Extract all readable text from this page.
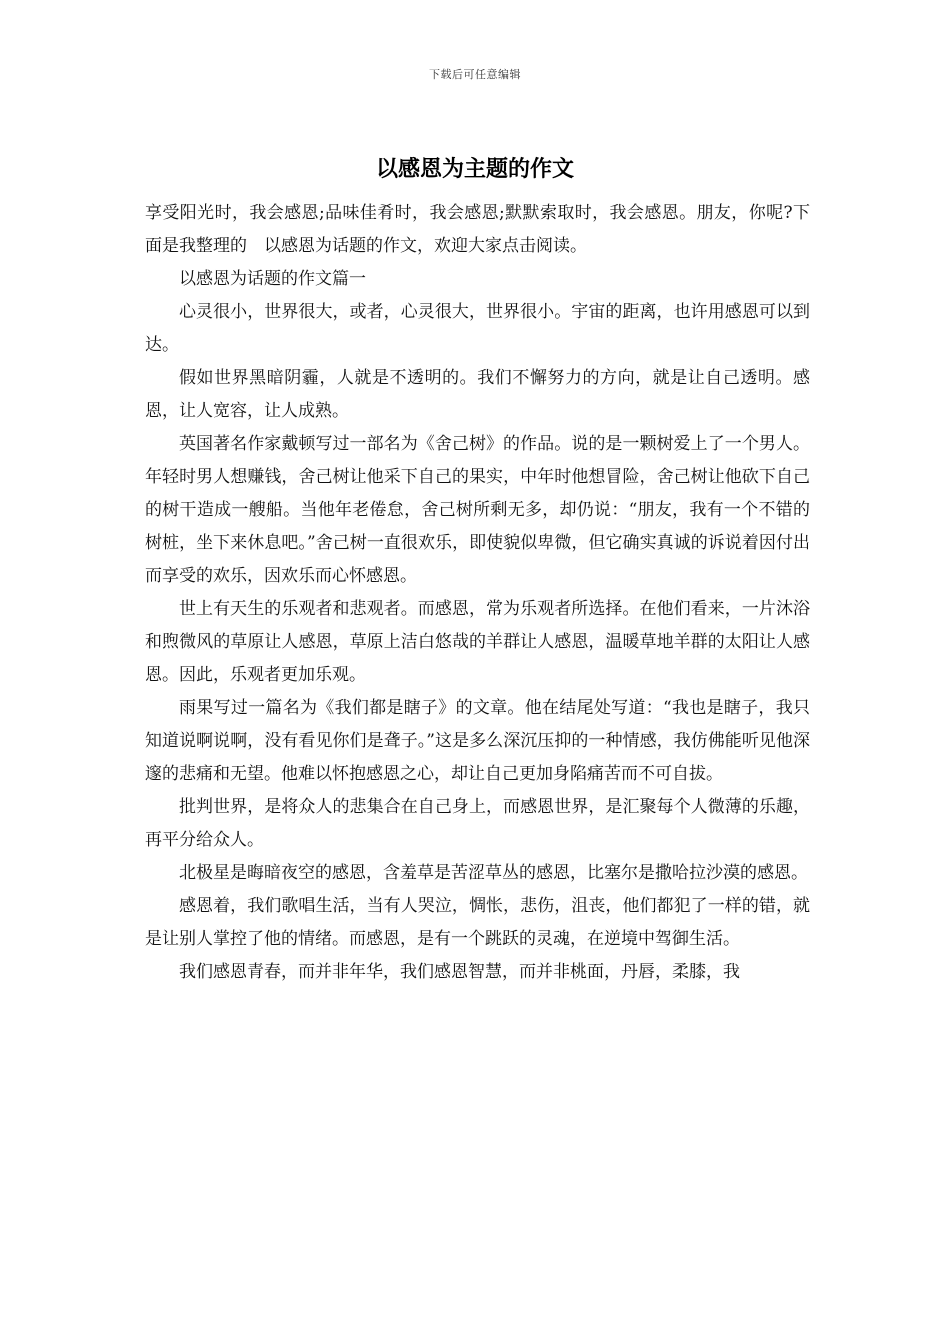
下载后可任意编辑
以感恩为主题的作文

享受阳光时，我会感恩;品味佳肴时，我会感恩;默默索取时，我会感恩。朋友，你呢?下面是我整理的　以感恩为话题的作文，欢迎大家点击阅读。

以感恩为话题的作文篇一

心灵很小，世界很大，或者，心灵很大，世界很小。宇宙的距离，也许用感恩可以到达。

假如世界黑暗阴霾，人就是不透明的。我们不懈努力的方向，就是让自己透明。感恩，让人宽容，让人成熟。

英国著名作家戴顿写过一部名为《舍己树》的作品。说的是一颗树爱上了一个男人。年轻时男人想赚钱，舍己树让他采下自己的果实，中年时他想冒险，舍己树让他砍下自己的树干造成一艘船。当他年老倦怠，舍己树所剩无多，却仍说：“朋友，我有一个不错的树桩，坐下来休息吧。”舍己树一直很欢乐，即使貌似卑微，但它确实真诚的诉说着因付出而享受的欢乐，因欢乐而心怀感恩。

世上有天生的乐观者和悲观者。而感恩，常为乐观者所选择。在他们看来，一片沐浴和煦微风的草原让人感恩，草原上洁白悠哉的羊群让人感恩，温暖草地羊群的太阳让人感恩。因此，乐观者更加乐观。

雨果写过一篇名为《我们都是瞎子》的文章。他在结尾处写道：“我也是瞎子，我只知道说啊说啊，没有看见你们是聋子。”这是多么深沉压抑的一种情感，我仿佛能听见他深邃的悲痛和无望。他难以怀抱感恩之心，却让自己更加身陷痛苦而不可自拔。

批判世界，是将众人的悲集合在自己身上，而感恩世界，是汇聚每个人微薄的乐趣，再平分给众人。

北极星是晦暗夜空的感恩，含羞草是苦涩草丛的感恩，比塞尔是撒哈拉沙漠的感恩。

感恩着，我们歌唱生活，当有人哭泣，惆怅，悲伤，沮丧，他们都犯了一样的错，就是让别人掌控了他的情绪。而感恩，是有一个跳跃的灵魂，在逆境中驾御生活。

我们感恩青春，而并非年华，我们感恩智慧，而并非桃面，丹唇，柔膝，我
